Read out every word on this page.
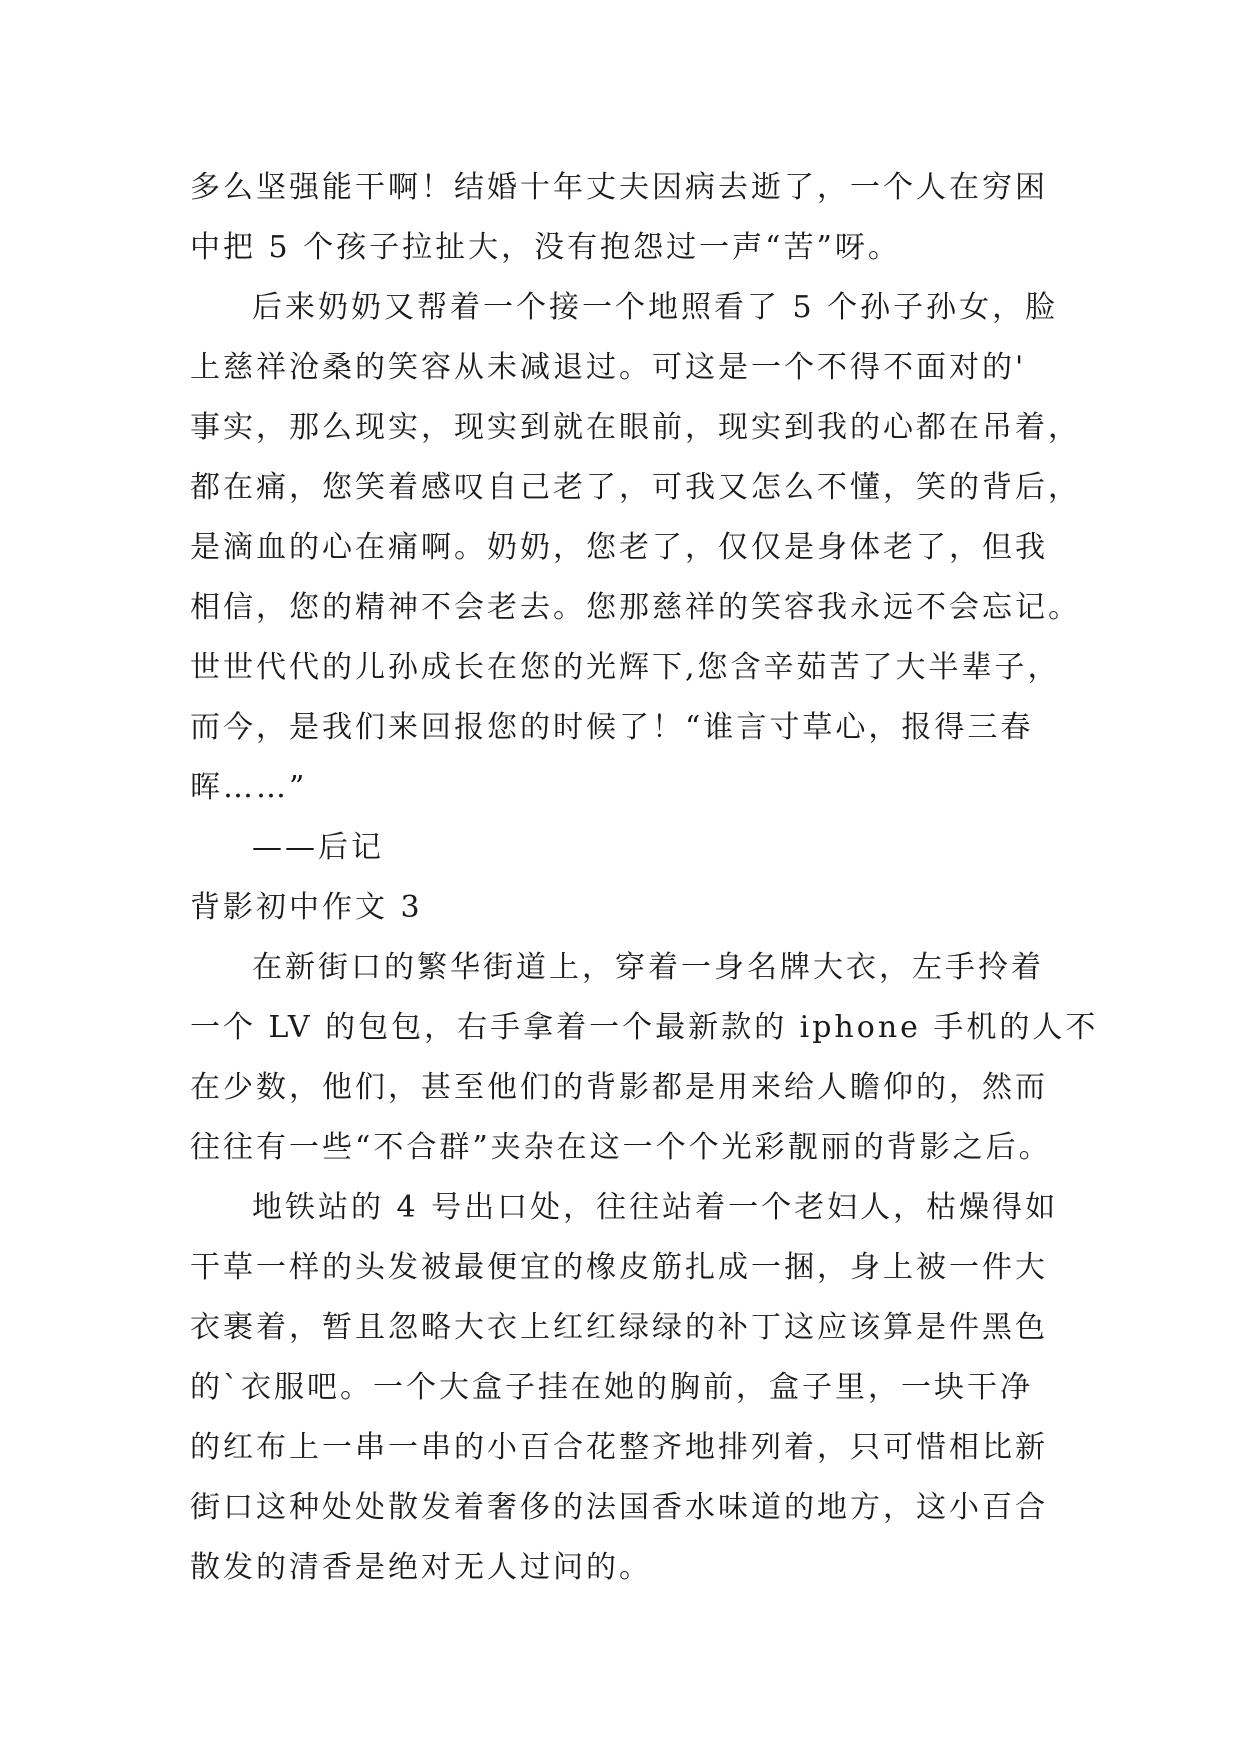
多么坚强能干啊！结婚十年丈夫因病去逝了，一个人在穷困
中把 5 个孩子拉扯大，没有抱怨过一声“苦”呀。
后来奶奶又帮着一个接一个地照看了 5 个孙子孙女，脸
上慈祥沧桑的笑容从未减退过。可这是一个不得不面对的'
事实，那么现实，现实到就在眼前，现实到我的心都在吊着，
都在痛，您笑着感叹自己老了，可我又怎么不懂，笑的背后，
是滴血的心在痛啊。奶奶，您老了，仅仅是身体老了，但我
相信，您的精神不会老去。您那慈祥的笑容我永远不会忘记。
世世代代的儿孙成长在您的光辉下,您含辛茹苦了大半辈子，
而今，是我们来回报您的时候了！“谁言寸草心，报得三春
晖……”
——后记
背影初中作文 3
在新街口的繁华街道上，穿着一身名牌大衣，左手拎着
一个 LV 的包包，右手拿着一个最新款的 iphone 手机的人不
在少数，他们，甚至他们的背影都是用来给人瞻仰的，然而
往往有一些“不合群”夹杂在这一个个光彩靓丽的背影之后。
地铁站的 4 号出口处，往往站着一个老妇人，枯燥得如
干草一样的头发被最便宜的橡皮筋扎成一捆，身上被一件大
衣裹着，暂且忽略大衣上红红绿绿的补丁这应该算是件黑色
的`衣服吧。一个大盒子挂在她的胸前，盒子里，一块干净
的红布上一串一串的小百合花整齐地排列着，只可惜相比新
街口这种处处散发着奢侈的法国香水味道的地方，这小百合
散发的清香是绝对无人过问的。
